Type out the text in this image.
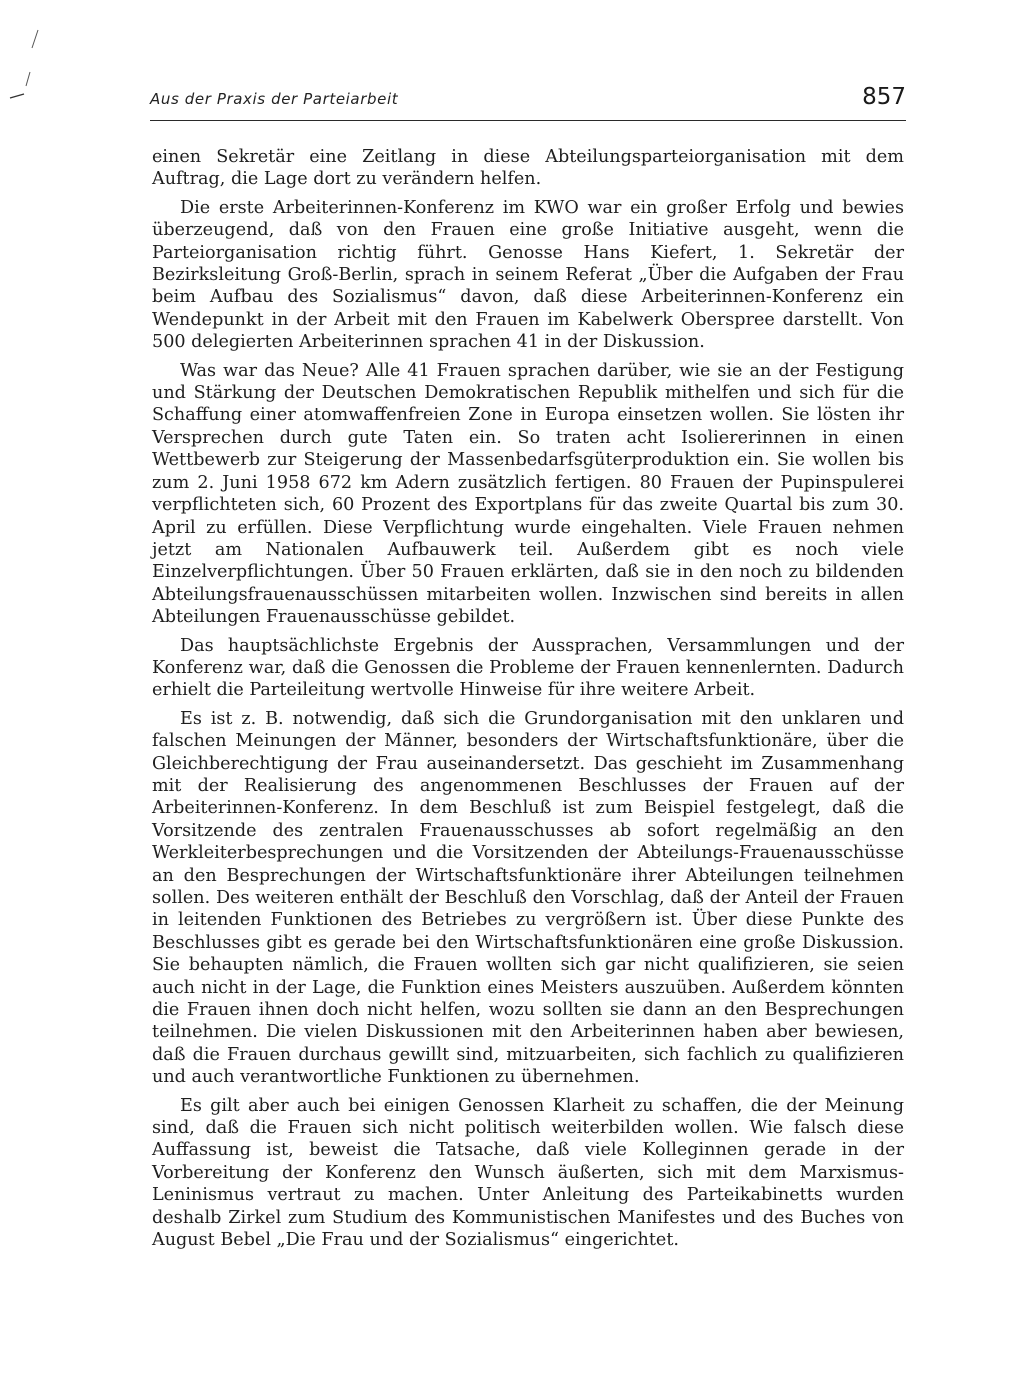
Aus der Praxis der Parteiarbeit	857

einen Sekretär eine Zeitlang in diese Abteilungsparteiorganisation mit dem Auftrag, die Lage dort zu verändern helfen.

Die erste Arbeiterinnen-Konferenz im KWO war ein großer Erfolg und bewies überzeugend, daß von den Frauen eine große Initiative ausgeht, wenn die Parteiorganisation richtig führt. Genosse Hans Kiefert, 1. Sekretär der Bezirksleitung Groß-Berlin, sprach in seinem Referat „Über die Aufgaben der Frau beim Aufbau des Sozialismus“ davon, daß diese Arbeiterinnen-Konferenz ein Wendepunkt in der Arbeit mit den Frauen im Kabelwerk Oberspree darstellt. Von 500 delegierten Arbeiterinnen sprachen 41 in der Diskussion.

Was war das Neue? Alle 41 Frauen sprachen darüber, wie sie an der Festigung und Stärkung der Deutschen Demokratischen Republik mithelfen und sich für die Schaffung einer atomwaffenfreien Zone in Europa einsetzen wollen. Sie lösten ihr Versprechen durch gute Taten ein. So traten acht Isoliererinnen in einen Wettbewerb zur Steigerung der Massenbedarfsgüterproduktion ein. Sie wollen bis zum 2. Juni 1958 672 km Adern zusätzlich fertigen. 80 Frauen der Pupinspulerei verpflichteten sich, 60 Prozent des Exportplans für das zweite Quartal bis zum 30. April zu erfüllen. Diese Verpflichtung wurde eingehalten. Viele Frauen nehmen jetzt am Nationalen Aufbauwerk teil. Außerdem gibt es noch viele Einzelverpflichtungen. Über 50 Frauen erklärten, daß sie in den noch zu bildenden Abteilungsfrauenausschüssen mitarbeiten wollen. Inzwischen sind bereits in allen Abteilungen Frauenausschüsse gebildet.

Das hauptsächlichste Ergebnis der Aussprachen, Versammlungen und der Konferenz war, daß die Genossen die Probleme der Frauen kennenlernten. Dadurch erhielt die Parteileitung wertvolle Hinweise für ihre weitere Arbeit.

Es ist z. B. notwendig, daß sich die Grundorganisation mit den unklaren und falschen Meinungen der Männer, besonders der Wirtschaftsfunktionäre, über die Gleichberechtigung der Frau auseinandersetzt. Das geschieht im Zusammenhang mit der Realisierung des angenommenen Beschlusses der Frauen auf der Arbeiterinnen-Konferenz. In dem Beschluß ist zum Beispiel festgelegt, daß die Vorsitzende des zentralen Frauenausschusses ab sofort regelmäßig an den Werkleiterbesprechungen und die Vorsitzenden der Abteilungs-Frauenausschüsse an den Besprechungen der Wirtschaftsfunktionäre ihrer Abteilungen teilnehmen sollen. Des weiteren enthält der Beschluß den Vorschlag, daß der Anteil der Frauen in leitenden Funktionen des Betriebes zu vergrößern ist. Über diese Punkte des Beschlusses gibt es gerade bei den Wirtschaftsfunktionären eine große Diskussion. Sie behaupten nämlich, die Frauen wollten sich gar nicht qualifizieren, sie seien auch nicht in der Lage, die Funktion eines Meisters auszuüben. Außerdem könnten die Frauen ihnen doch nicht helfen, wozu sollten sie dann an den Besprechungen teilnehmen. Die vielen Diskussionen mit den Arbeiterinnen haben aber bewiesen, daß die Frauen durchaus gewillt sind, mitzuarbeiten, sich fachlich zu qualifizieren und auch verantwortliche Funktionen zu übernehmen.

Es gilt aber auch bei einigen Genossen Klarheit zu schaffen, die der Meinung sind, daß die Frauen sich nicht politisch weiterbilden wollen. Wie falsch diese Auffassung ist, beweist die Tatsache, daß viele Kolleginnen gerade in der Vorbereitung der Konferenz den Wunsch äußerten, sich mit dem Marxismus-Leninismus vertraut zu machen. Unter Anleitung des Parteikabinetts wurden deshalb Zirkel zum Studium des Kommunistischen Manifestes und des Buches von August Bebel „Die Frau und der Sozialismus“ eingerichtet.
